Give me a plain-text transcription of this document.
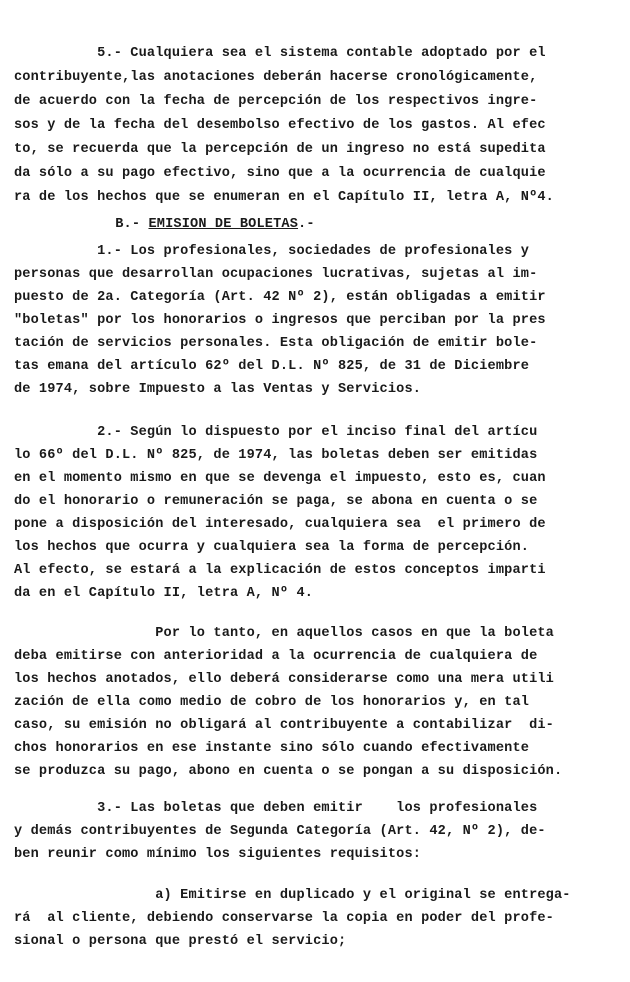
5.- Cualquiera sea el sistema contable adoptado por el
contribuyente,las anotaciones deberán hacerse cronológicamente,
de acuerdo con la fecha de percepción de los respectivos ingre-
sos y de la fecha del desembolso efectivo de los gastos. Al efec
to, se recuerda que la percepción de un ingreso no está supedita
da sólo a su pago efectivo, sino que a la ocurrencia de cualquie
ra de los hechos que se enumeran en el Capítulo II, letra A, Nº4.

B.- EMISION DE BOLETAS.-

1.- Los profesionales, sociedades de profesionales y
personas que desarrollan ocupaciones lucrativas, sujetas al im-
puesto de 2a. Categoría (Art. 42 Nº 2), están obligadas a emitir
"boletas" por los honorarios o ingresos que perciban por la pres
tación de servicios personales. Esta obligación de emitir bole-
tas emana del artículo 62º del D.L. Nº 825, de 31 de Diciembre
de 1974, sobre Impuesto a las Ventas y Servicios.
2.- Según lo dispuesto por el inciso final del artícu
lo 66º del D.L. Nº 825, de 1974, las boletas deben ser emitidas
en el momento mismo en que se devenga el impuesto, esto es, cuan
do el honorario o remuneración se paga, se abona en cuenta o se
pone a disposición del interesado, cualquiera sea  el primero de
los hechos que ocurra y cualquiera sea la forma de percepción.
Al efecto, se estará a la explicación de estos conceptos imparti
da en el Capítulo II, letra A, Nº 4.
Por lo tanto, en aquellos casos en que la boleta
deba emitirse con anterioridad a la ocurrencia de cualquiera de
los hechos anotados, ello deberá considerarse como una mera utili
zación de ella como medio de cobro de los honorarios y, en tal
caso, su emisión no obligará al contribuyente a contabilizar  di-
chos honorarios en ese instante sino sólo cuando efectivamente
se produzca su pago, abono en cuenta o se pongan a su disposición.
3.- Las boletas que deben emitir    los profesionales
y demás contribuyentes de Segunda Categoría (Art. 42, Nº 2), de-
ben reunir como mínimo los siguientes requisitos:
a) Emitirse en duplicado y el original se entrega-
rá  al cliente, debiendo conservarse la copia en poder del profe-
sional o persona que prestó el servicio;
